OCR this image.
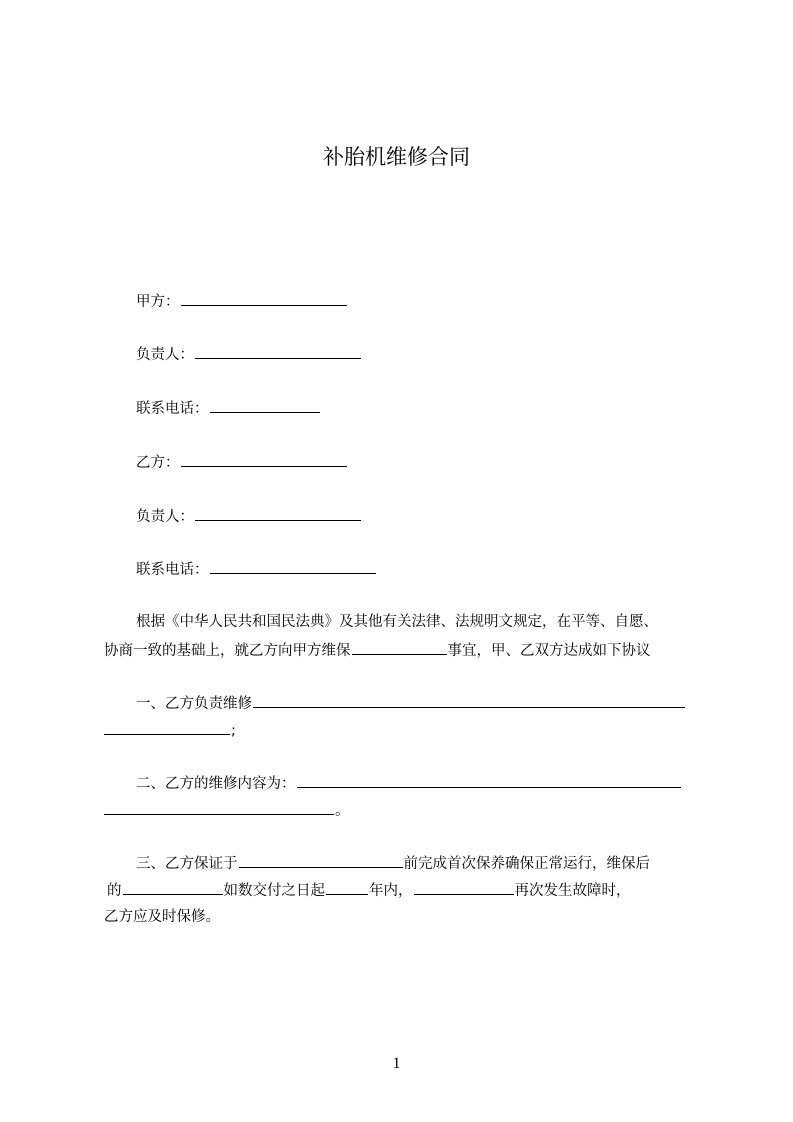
补胎机维修合同
甲方：
负责人：
联系电话：
乙方：
负责人：
联系电话：
根据《中华人民共和国民法典》及其他有关法律、法规明文规定，在平等、自愿、
协商一致的基础上，就乙方向甲方维保	事宜，甲、乙双方达成如下协议
一、乙方负责维修
;
二、乙方的维修内容为：
。
三、乙方保证于	前完成首次保养确保正常运行，维保后
的	如数交付之日起	年内，	再次发生故障时，
乙方应及时保修。
1
